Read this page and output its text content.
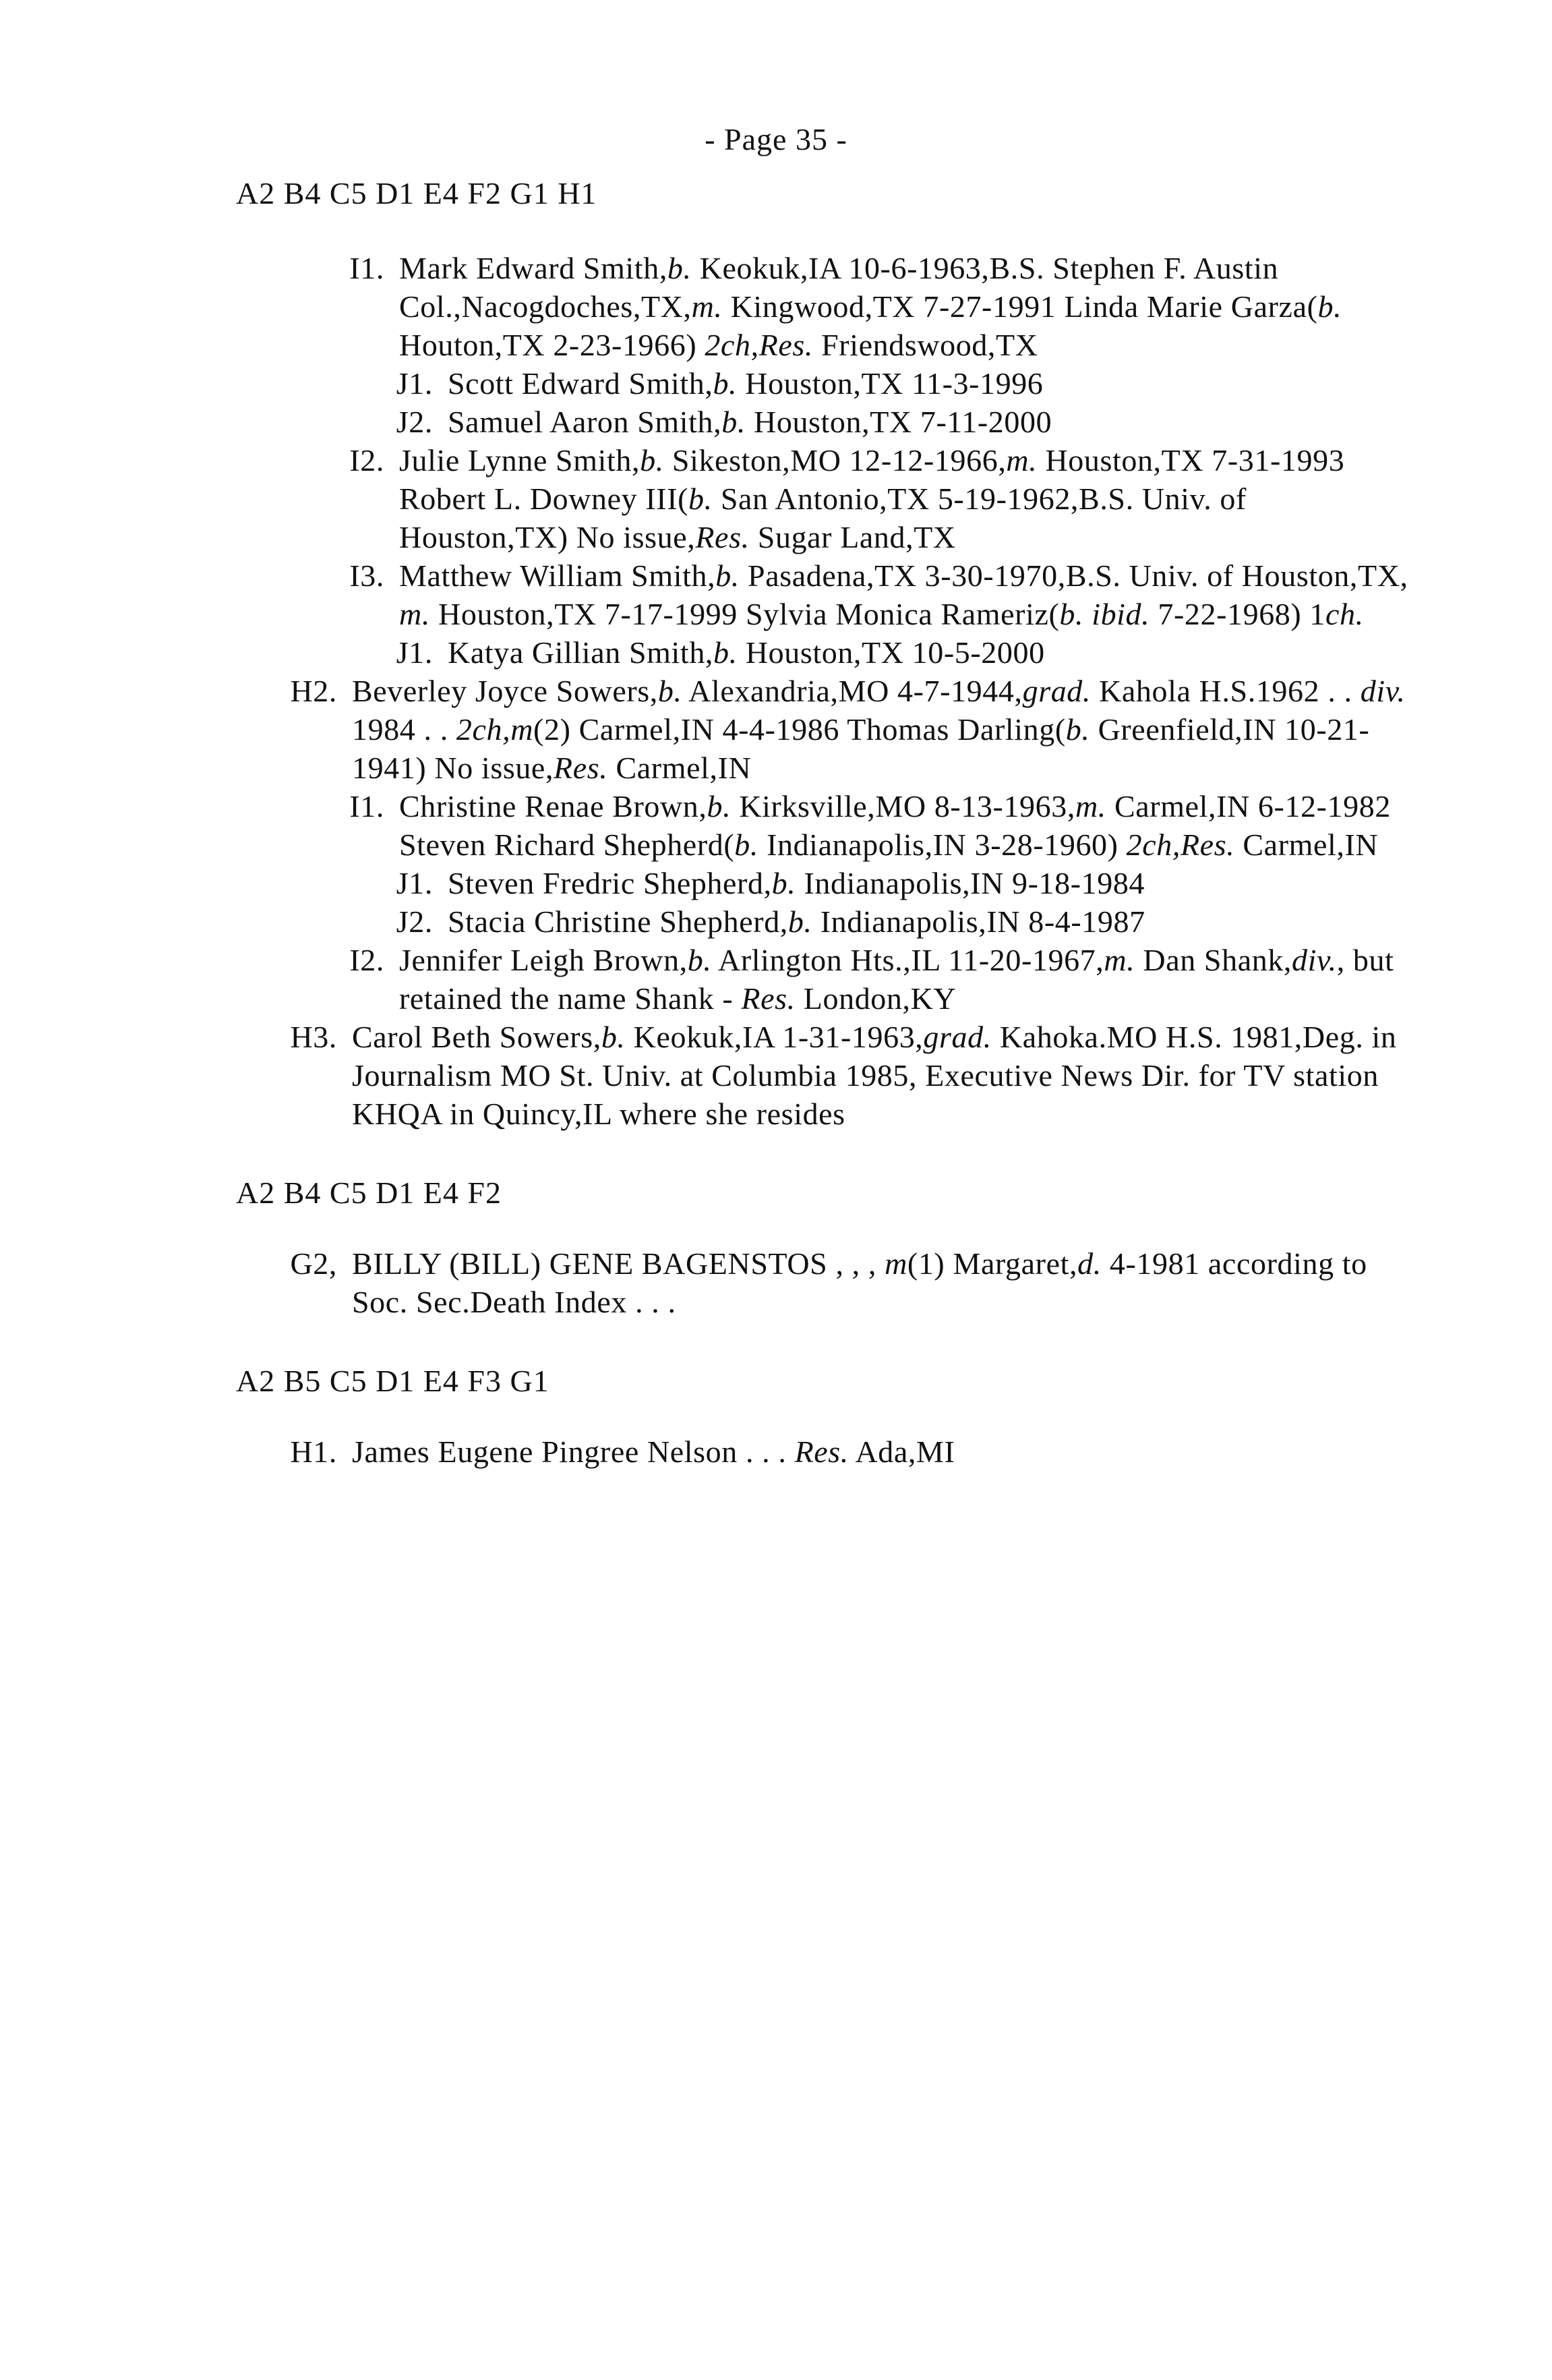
- Page 35 -
A2 B4 C5 D1 E4 F2 G1 H1
I1. Mark Edward Smith,b. Keokuk,IA 10-6-1963,B.S. Stephen F. Austin Col.,Nacogdoches,TX,m. Kingwood,TX 7-27-1991 Linda Marie Garza(b. Houton,TX 2-23-1966) 2ch,Res. Friendswood,TX
J1. Scott Edward Smith,b. Houston,TX 11-3-1996
J2. Samuel Aaron Smith,b. Houston,TX 7-11-2000
I2. Julie Lynne Smith,b. Sikeston,MO 12-12-1966,m. Houston,TX 7-31-1993 Robert L. Downey III(b. San Antonio,TX 5-19-1962,B.S. Univ. of Houston,TX) No issue,Res. Sugar Land,TX
I3. Matthew William Smith,b. Pasadena,TX 3-30-1970,B.S. Univ. of Houston,TX, m. Houston,TX 7-17-1999 Sylvia Monica Rameriz(b. ibid. 7-22-1968) 1ch.
J1. Katya Gillian Smith,b. Houston,TX 10-5-2000
H2. Beverley Joyce Sowers,b. Alexandria,MO 4-7-1944,grad. Kahola H.S.1962 . . div. 1984 . . 2ch,m(2) Carmel,IN 4-4-1986 Thomas Darling(b. Greenfield,IN 10-21-1941) No issue,Res. Carmel,IN
I1. Christine Renae Brown,b. Kirksville,MO 8-13-1963,m. Carmel,IN 6-12-1982 Steven Richard Shepherd(b. Indianapolis,IN 3-28-1960) 2ch,Res. Carmel,IN
J1. Steven Fredric Shepherd,b. Indianapolis,IN 9-18-1984
J2. Stacia Christine Shepherd,b. Indianapolis,IN 8-4-1987
I2. Jennifer Leigh Brown,b. Arlington Hts.,IL 11-20-1967,m. Dan Shank,div., but retained the name Shank - Res. London,KY
H3. Carol Beth Sowers,b. Keokuk,IA 1-31-1963,grad. Kahoka.MO H.S. 1981,Deg. in Journalism MO St. Univ. at Columbia 1985, Executive News Dir. for TV station KHQA in Quincy,IL where she resides
A2 B4 C5 D1 E4 F2
G2, BILLY (BILL) GENE BAGENSTOS , , , m(1) Margaret,d. 4-1981 according to Soc. Sec.Death Index . . .
A2 B5 C5 D1 E4 F3 G1
H1. James Eugene Pingree Nelson . . . Res. Ada,MI
